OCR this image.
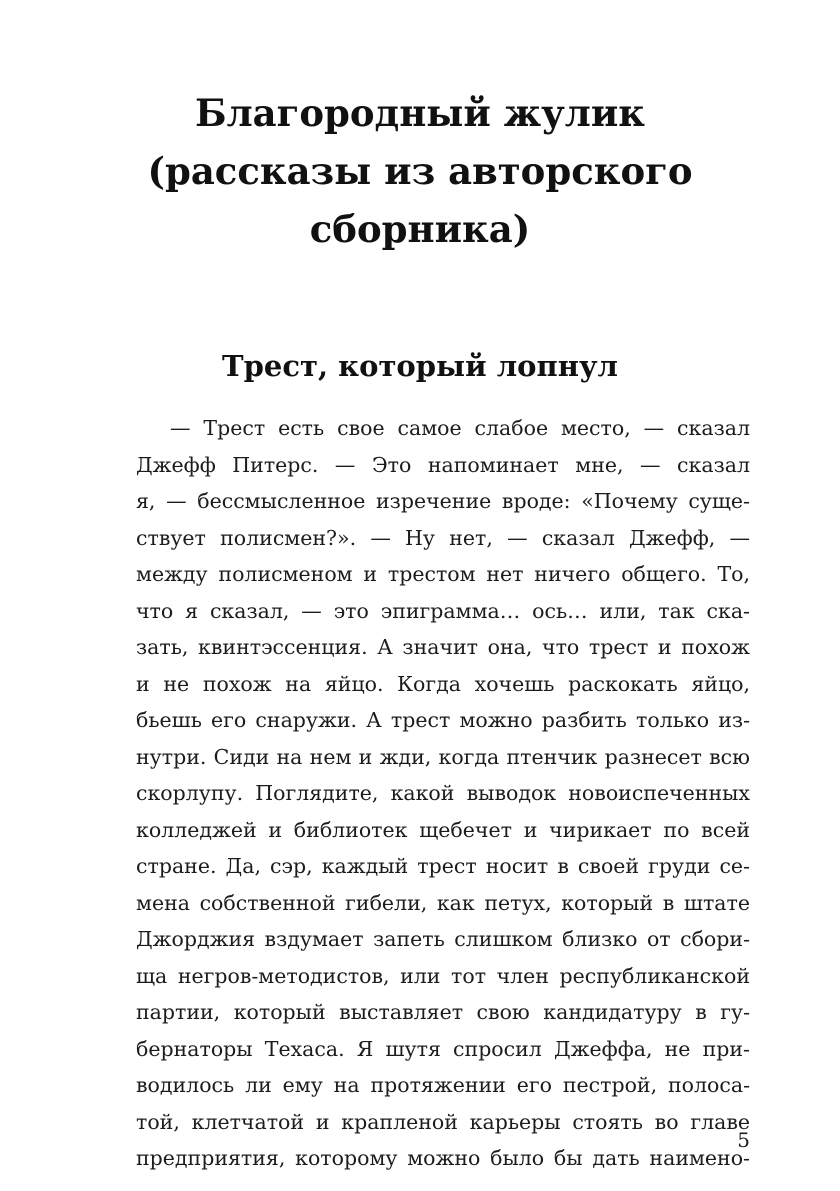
Благородный жулик
(рассказы из авторского
сборника)
Трест, который лопнул
— Трест есть свое самое слабое место, — сказал
Джефф Питерс. — Это напоминает мне, — сказал
я, — бессмысленное изречение вроде: «Почему суще-
ствует полисмен?». — Ну нет, — сказал Джефф, —
между полисменом и трестом нет ничего общего. То,
что я сказал, — это эпиграмма… ось… или, так ска-
зать, квинтэссенция. А значит она, что трест и похож
и не похож на яйцо. Когда хочешь раскокать яйцо,
бьешь его снаружи. А трест можно разбить только из-
нутри. Сиди на нем и жди, когда птенчик разнесет всю
скорлупу. Поглядите, какой выводок новоиспеченных
колледжей и библиотек щебечет и чирикает по всей
стране. Да, сэр, каждый трест носит в своей груди се-
мена собственной гибели, как петух, который в штате
Джорджия вздумает запеть слишком близко от сбори-
ща негров-методистов, или тот член республиканской
партии, который выставляет свою кандидатуру в гу-
бернаторы Техаса. Я шутя спросил Джеффа, не при-
водилось ли ему на протяжении его пестрой, полоса-
той, клетчатой и крапленой карьеры стоять во главе
предприятия, которому можно было бы дать наимено-
5
